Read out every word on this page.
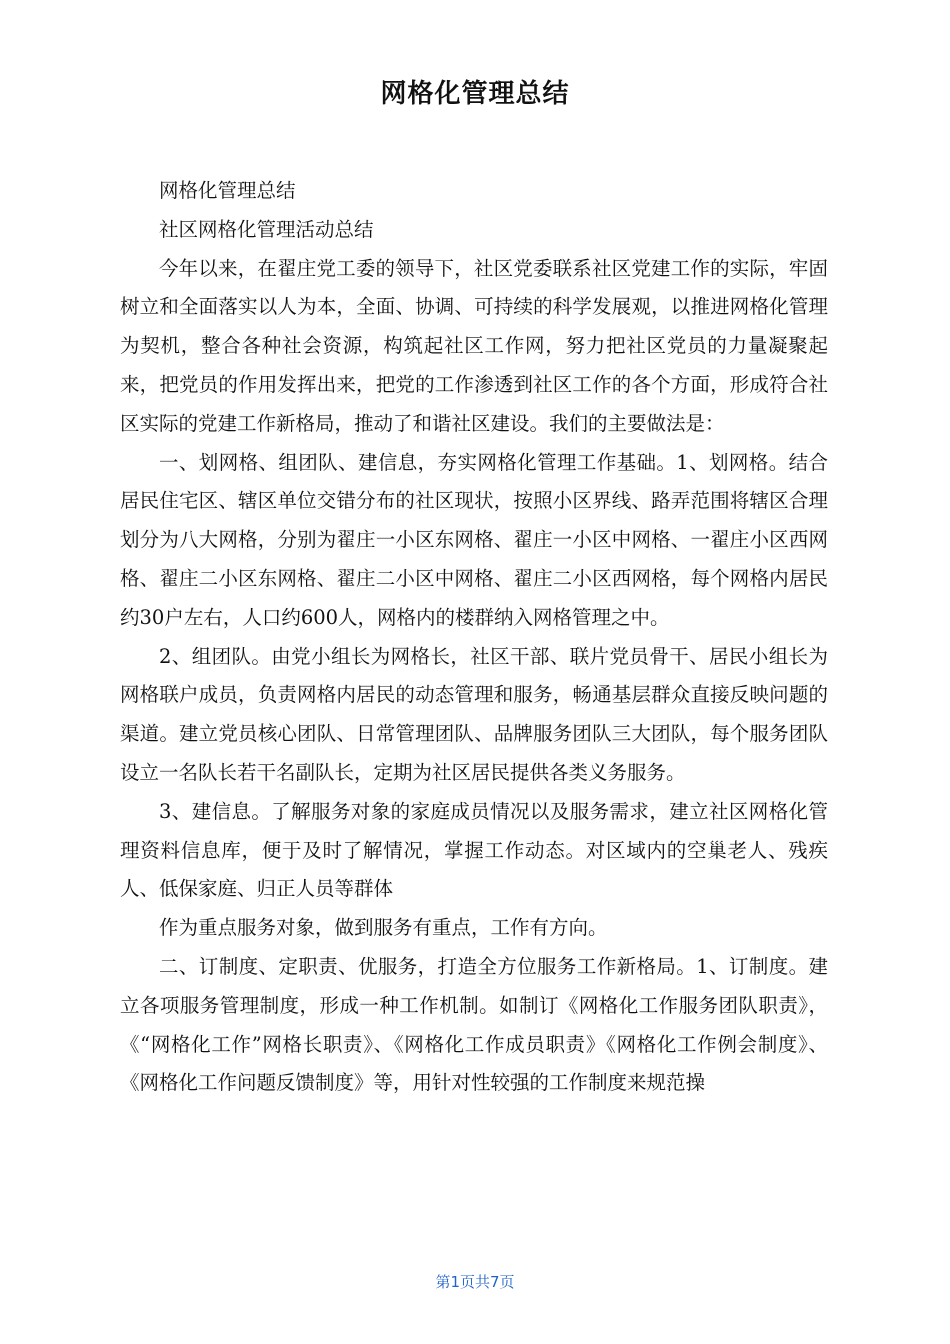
网格化管理总结

网格化管理总结

社区网格化管理活动总结

今年以来，在翟庄党工委的领导下，社区党委联系社区党建工作的实际，牢固树立和全面落实以人为本，全面、协调、可持续的科学发展观，以推进网格化管理为契机，整合各种社会资源，构筑起社区工作网，努力把社区党员的力量凝聚起来，把党员的作用发挥出来，把党的工作渗透到社区工作的各个方面，形成符合社区实际的党建工作新格局，推动了和谐社区建设。我们的主要做法是：

一、划网格、组团队、建信息，夯实网格化管理工作基础。1、划网格。结合居民住宅区、辖区单位交错分布的社区现状，按照小区界线、路弄范围将辖区合理划分为八大网格，分别为翟庄一小区东网格、翟庄一小区中网格、一翟庄小区西网格、翟庄二小区东网格、翟庄二小区中网格、翟庄二小区西网格，每个网格内居民约30户左右，人口约600人，网格内的楼群纳入网格管理之中。

2、组团队。由党小组长为网格长，社区干部、联片党员骨干、居民小组长为网格联户成员，负责网格内居民的动态管理和服务，畅通基层群众直接反映问题的渠道。建立党员核心团队、日常管理团队、品牌服务团队三大团队，每个服务团队设立一名队长若干名副队长，定期为社区居民提供各类义务服务。

3、建信息。了解服务对象的家庭成员情况以及服务需求，建立社区网格化管理资料信息库，便于及时了解情况，掌握工作动态。对区域内的空巢老人、残疾人、低保家庭、归正人员等群体

作为重点服务对象，做到服务有重点，工作有方向。

二、订制度、定职责、优服务，打造全方位服务工作新格局。1、订制度。建立各项服务管理制度，形成一种工作机制。如制订《网格化工作服务团队职责》，《“网格化工作”网格长职责》、《网格化工作成员职责》《网格化工作例会制度》、《网格化工作问题反馈制度》等，用针对性较强的工作制度来规范操

第1页共7页
